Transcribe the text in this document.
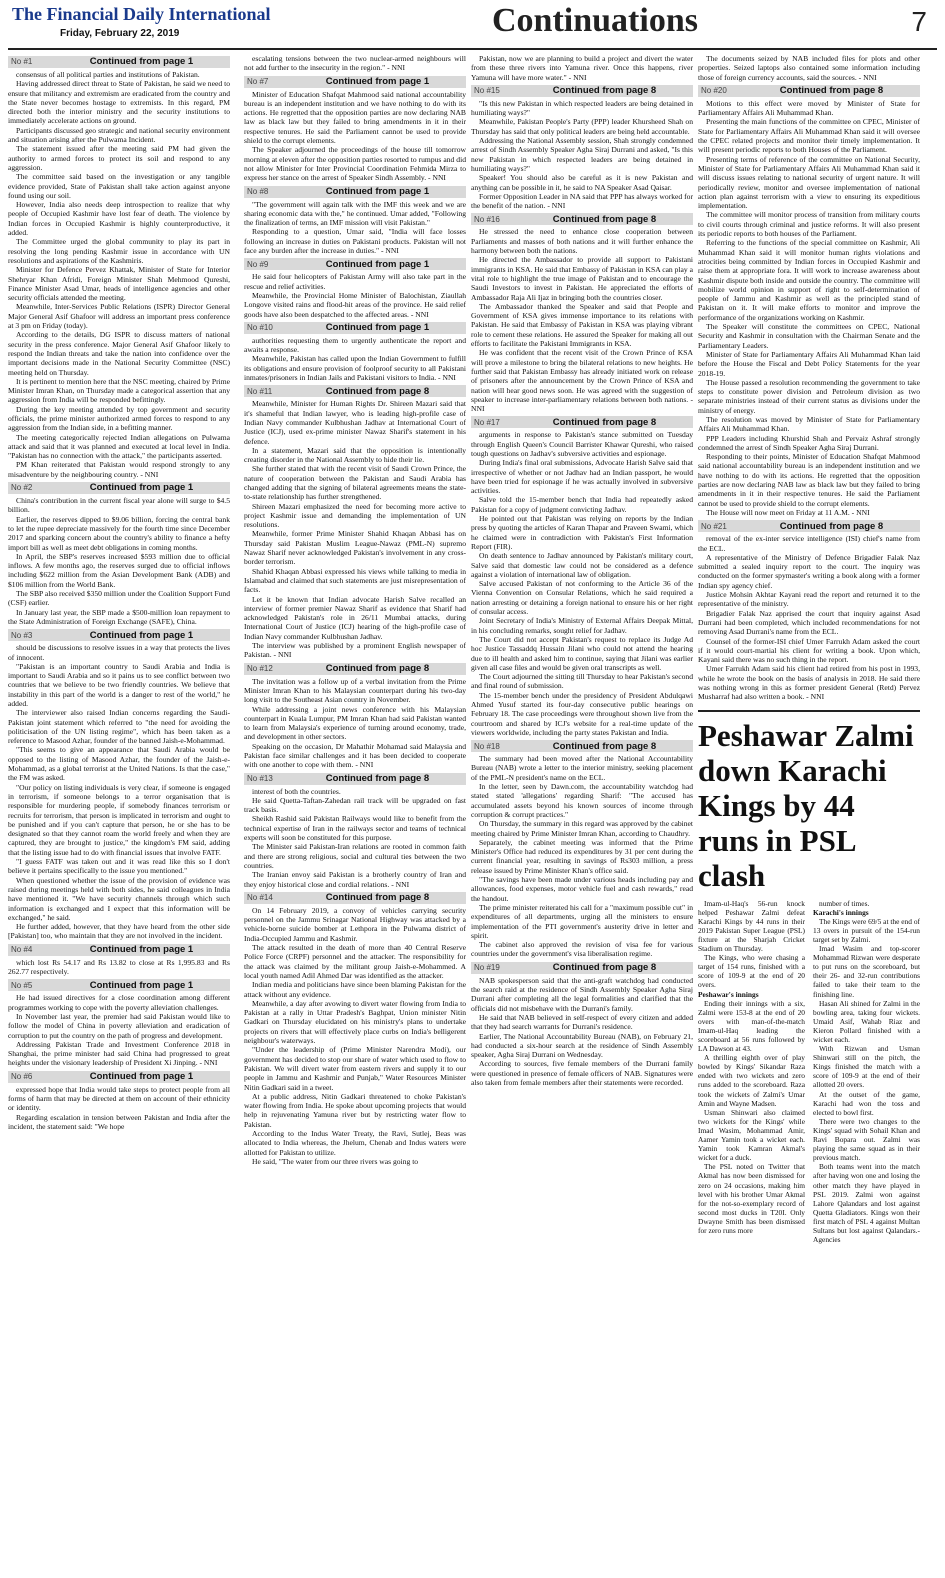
The Financial Daily International
Friday, February 22, 2019	Continuations	7
No #1	Continued from page 1

consensus of all political parties and institutions of Pakistan.

Having addressed direct threat to State of Pakistan, he said we need to ensure that militancy and extremism are eradicated from the country and the State never becomes hostage to extremists. In this regard, PM directed both the interior ministry and the security institutions to immediately accelerate actions on ground.

Participants discussed geo strategic and national security environment and situation arising after the Pulwama Incident.

The statement issued after the meeting said PM had given the authority to armed forces to protect its soil and respond to any aggression.

The committee said based on the investigation or any tangible evidence provided, State of Pakistan shall take action against anyone found using our soil.

However, India also needs deep introspection to realize that why people of Occupied Kashmir have lost fear of death. The violence by Indian forces in Occupied Kashmir is highly counterproductive, it added.

The Committee urged the global community to play its part in resolving the long pending Kashmir issue in accordance with UN resolutions and aspirations of the Kashmiris.

Minister for Defence Pervez Khattak, Minister of State for Interior Shehryar Khan Afridi, Foreign Minister Shah Mehmood Qureshi, Finance Minister Asad Umar, heads of intelligence agencies and other security officials attended the meeting.

Meanwhile, Inter-Services Public Relations (ISPR) Director General Major General Asif Ghafoor will address an important press conference at 3 pm on Friday (today).

According to the details, DG ISPR to discuss matters of national security in the press conference. Major General Asif Ghafoor likely to respond the Indian threats and take the nation into confidence over the important decisions made in the National Security Committee (NSC) meeting held on Thursday.

It is pertinent to mention here that the NSC meeting, chaired by Prime Minister Imran Khan, on Thursday made a categorical assertion that any aggression from India will be responded befittingly.

During the key meeting attended by top government and security officials, the prime minister authorized armed forces to respond to any aggression from the Indian side, in a befitting manner.

The meeting categorically rejected Indian allegations on Pulwama attack and said that it was planned and executed at local level in India. "Pakistan has no connection with the attack," the participants asserted.

PM Khan reiterated that Pakistan would respond strongly to any misadventure by the neighbouring country. - NNI

No #2	Continued from page 1

China's contribution in the current fiscal year alone will surge to $4.5 billion.

Earlier, the reserves dipped to $9.06 billion, forcing the central bank to let the rupee depreciate massively for the fourth time since December 2017 and sparking concern about the country's ability to finance a hefty import bill as well as meet debt obligations in coming months.

In April, the SBP's reserves increased $593 million due to official inflows. A few months ago, the reserves surged due to official inflows including $622 million from the Asian Development Bank (ADB) and $106 million from the World Bank.

The SBP also received $350 million under the Coalition Support Fund (CSF) earlier.

In January last year, the SBP made a $500-million loan repayment to the State Administration of Foreign Exchange (SAFE), China.

No #3	Continued from page 1

should be discussions to resolve issues in a way that protects the lives of innocent.

"Pakistan is an important country to Saudi Arabia and India is important to Saudi Arabia and so it pains us to see conflict between two countries that we believe to be two friendly countries. We believe that instability in this part of the world is a danger to rest of the world," he added.

The interviewer also raised Indian concerns regarding the Saudi-Pakistan joint statement which referred to "the need for avoiding the politicisation of the UN listing regime", which has been taken as a reference to Masood Azhar, founder of the banned Jaish-e-Mohammad.

"This seems to give an appearance that Saudi Arabia would be opposed to the listing of Masood Azhar, the founder of the Jaish-e-Mohammad, as a global terrorist at the United Nations. Is that the case," the FM was asked.

"Our policy on listing individuals is very clear, if someone is engaged in terrorism, if someone belongs to a terror organisation that is responsible for murdering people, if somebody finances terrorism or recruits for terrorism, that person is implicated in terrorism and ought to be punished and if you can't capture that person, he or she has to be designated so that they cannot roam the world freely and when they are captured, they are brought to justice," the kingdom's FM said, adding that the listing issue had to do with financial issues that involve FATF.

"I guess FATF was taken out and it was read like this so I don't believe it pertains specifically to the issue you mentioned."

When questioned whether the issue of the provision of evidence was raised during meetings held with both sides, he said colleagues in India have mentioned it. "We have security channels through which such information is exchanged and I expect that this information will be exchanged," he said.

He further added, however, that they have heard from the other side [Pakistan] too, who maintain that they are not involved in the incident.

No #4	Continued from page 1

which lost Rs 54.17 and Rs 13.82 to close at Rs 1,995.83 and Rs 262.77 respectively.

No #5	Continued from page 1

He had issued directives for a close coordination among different programmes working to cope with the poverty alleviation challenges.

In November last year, the premier had said Pakistan would like to follow the model of China in poverty alleviation and eradication of corruption to put the country on the path of progress and development.

Addressing Pakistan Trade and Investment Conference 2018 in Shanghai, the prime minister had said China had progressed to great heights under the visionary leadership of President Xi Jinping. - NNI

No #6	Continued from page 1

expressed hope that India would take steps to protect people from all forms of harm that may be directed at them on account of their ethnicity or identity.

Regarding escalation in tension between Pakistan and India after the incident, the statement said: "We hope

escalating tensions between the two nuclear-armed neighbours will not add further to the insecurity in the region." - NNI

No #7	Continued from page 1

Minister of Education Shafqat Mahmood said national accountability bureau is an independent institution and we have nothing to do with its actions. He regretted that the opposition parties are now declaring NAB law as black law but they failed to bring amendments in it in their respective tenures. He said the Parliament cannot be used to provide shield to the corrupt elements.

The Speaker adjourned the proceedings of the house till tomorrow morning at eleven after the opposition parties resorted to rumpus and did not allow Minister for Inter Provincial Coordination Fehmida Mirza to express her stance on the arrest of Speaker Sindh Assembly. - NNI

No #8	Continued from page 1

"The government will again talk with the IMF this week and we are sharing economic data with the," he continued. Umar added, "Following the finalization of terms, an IMF mission will visit Pakistan."

Responding to a question, Umar said, "India will face losses following an increase in duties on Pakistani products. Pakistan will not face any burden after the increase in duties." - NNI

No #9	Continued from page 1

He said four helicopters of Pakistan Army will also take part in the rescue and relief activities.

Meanwhile, the Provincial Home Minister of Balochistan, Ziaullah Longove visited rains and flood-hit areas of the province. He said relief goods have also been despatched to the affected areas. - NNI

No #10	Continued from page 1

authorities requesting them to urgently authenticate the report and awaits a response.

Meanwhile, Pakistan has called upon the Indian Government to fulfill its obligations and ensure provision of foolproof security to all Pakistani inmates/prisoners in Indian Jails and Pakistani visitors to India. - NNI

No #11	Continued from page 8

Meanwhile, Minister for Human Rights Dr. Shireen Mazari said that it's shameful that Indian lawyer, who is leading high-profile case of Indian Navy commander Kulbhushan Jadhav at International Court of Justice (ICJ), used ex-prime minister Nawaz Sharif's statement in his defence.

In a statement, Mazari said that the opposition is intentionally creating disorder in the National Assembly to hide their lie.

She further stated that with the recent visit of Saudi Crown Prince, the nature of cooperation between the Pakistan and Saudi Arabia has changed adding that the signing of bilateral agreements means the state-to-state relationship has further strengthened.

Shireen Mazari emphasized the need for becoming more active to project Kashmir issue and demanding the implementation of UN resolutions.

Meanwhile, former Prime Minister Shahid Khaqan Abbasi has on Thursday said Pakistan Muslim League-Nawaz (PML-N) supremo Nawaz Sharif never acknowledged Pakistan's involvement in any cross-border terrorism.

Shahid Khaqan Abbasi expressed his views while talking to media in Islamabad and claimed that such statements are just misrepresentation of facts.

Let it be known that Indian advocate Harish Salve recalled an interview of former premier Nawaz Sharif as evidence that Sharif had acknowledged Pakistan's role in 26/11 Mumbai attacks, during International Court of Justice (ICJ) hearing of the high-profile case of Indian Navy commander Kulbhushan Jadhav.

The interview was published by a prominent English newspaper of Pakistan. - NNI

No #12	Continued from page 8

The invitation was a follow up of a verbal invitation from the Prime Minister Imran Khan to his Malaysian counterpart during his two-day long visit to the Southeast Asian country in November.

While addressing a joint news conference with his Malaysian counterpart in Kuala Lumpur, PM Imran Khan had said Pakistan wanted to learn from Malaysia's experience of turning around economy, trade, and development in other sectors.

Speaking on the occasion, Dr Mahathir Mohamad said Malaysia and Pakistan face similar challenges and it has been decided to cooperate with one another to cope with them. - NNI

No #13	Continued from page 8

interest of both the countries.

He said Quetta-Taftan-Zahedan rail track will be upgraded on fast track basis.

Sheikh Rashid said Pakistan Railways would like to benefit from the technical expertise of Iran in the railways sector and teams of technical experts will soon be constituted for this purpose.

The Minister said Pakistan-Iran relations are rooted in common faith and there are strong religious, social and cultural ties between the two countries.

The Iranian envoy said Pakistan is a brotherly country of Iran and they enjoy historical close and cordial relations. - NNI

No #14	Continued from page 8

On 14 February 2019, a convoy of vehicles carrying security personnel on the Jammu Srinagar National Highway was attacked by a vehicle-borne suicide bomber at Lethpora in the Pulwama district of India-Occupied Jammu and Kashmir.

The attack resulted in the death of more than 40 Central Reserve Police Force (CRPF) personnel and the attacker. The responsibility for the attack was claimed by the militant group Jaish-e-Mohammed. A local youth named Adil Ahmed Dar was identified as the attacker.

Indian media and politicians have since been blaming Pakistan for the attack without any evidence.

Meanwhile, a day after avowing to divert water flowing from India to Pakistan at a rally in Uttar Pradesh's Baghpat, Union minister Nitin Gadkari on Thursday elucidated on his ministry's plans to undertake projects on rivers that will effectively place curbs on India's belligerent neighbour's waterways.

"Under the leadership of (Prime Minister Narendra Modi), our government has decided to stop our share of water which used to flow to Pakistan. We will divert water from eastern rivers and supply it to our people in Jammu and Kashmir and Punjab," Water Resources Minister Nitin Gadkari said in a tweet.

At a public address, Nitin Gadkari threatened to choke Pakistan's water flowing from India. He spoke about upcoming projects that would help in rejuvenating Yamuna river but by restricting water flow to Pakistan.

According to the Indus Water Treaty, the Ravi, Sutlej, Beas was allocated to India whereas, the Jhelum, Chenab and Indus waters were allotted for Pakistan to utilize.

He said, "The water from our three rivers was going to

Pakistan, now we are planning to build a project and divert the water from these three rivers into Yamuna river. Once this happens, river Yamuna will have more water." - NNI

No #15	Continued from page 8

"Is this new Pakistan in which respected leaders are being detained in humiliating ways?"

Meanwhile, Pakistan People's Party (PPP) leader Khursheed Shah on Thursday has said that only political leaders are being held accountable.

Addressing the National Assembly session, Shah strongly condemned arrest of Sindh Assembly Speaker Agha Siraj Durrani and asked, "Is this new Pakistan in which respected leaders are being detained in humiliating ways?"

Speaker! You should also be careful as it is new Pakistan and anything can be possible in it, he said to NA Speaker Asad Qaisar.

Former Opposition Leader in NA said that PPP has always worked for the benefit of the nation. - NNI

No #16	Continued from page 8

He stressed the need to enhance close cooperation between Parliaments and masses of both nations and it will further enhance the harmony between both the nations.

He directed the Ambassador to provide all support to Pakistani immigrants in KSA. He said that Embassy of Pakistan in KSA can play a vital role to highlight the true image of Pakistan and to encourage the Saudi Investors to invest in Pakistan. He appreciated the efforts of Ambassador Raja Ali Ijaz in bringing both the countries closer.

The Ambassador thanked the Speaker and said that People and Government of KSA gives immense importance to its relations with Pakistan. He said that Embassy of Pakistan in KSA was playing vibrant role to cement these relations. He assured the Speaker for making all out efforts to facilitate the Pakistani Immigrants in KSA.

He was confident that the recent visit of the Crown Prince of KSA will prove a milestone to bring the bilateral relations to new heights. He further said that Pakistan Embassy has already initiated work on release of prisoners after the announcement by the Crown Prince of KSA and nation will hear good news soon. He was agreed with the suggestion of speaker to increase inter-parliamentary relations between both nations. - NNI

No #17	Continued from page 8

arguments in response to Pakistan's stance submitted on Tuesday through English Queen's Council Barrister Khawar Qureshi, who raised tough questions on Jadhav's subversive activities and espionage.

During India's final oral submissions, Advocate Harish Salve said that irrespective of whether or not Jadhav had an Indian passport, he would have been tried for espionage if he was actually involved in subversive activities.

Salve told the 15-member bench that India had repeatedly asked Pakistan for a copy of judgment convicting Jadhav.

He pointed out that Pakistan was relying on reports by the Indian press by quoting the articles of Karan Thapar and Praveen Swami, which he claimed were in contradiction with Pakistan's First Information Report (FIR).

On death sentence to Jadhav announced by Pakistan's military court, Salve said that domestic law could not be considered as a defence against a violation of international law of obligation.

Salve accused Pakistan of not conforming to the Article 36 of the Vienna Convention on Consular Relations, which he said required a nation arresting or detaining a foreign national to ensure his or her right of consular access.

Joint Secretary of India's Ministry of External Affairs Deepak Mittal, in his concluding remarks, sought relief for Jadhav.

The Court did not accept Pakistan's request to replace its Judge Ad hoc Justice Tassaddq Hussain Jilani who could not attend the hearing due to ill health and asked him to continue, saying that Jilani was earlier given all case files and would be given oral transcripts as well.

The Court adjourned the sitting till Thursday to hear Pakistan's second and final round of submission.

The 15-member bench under the presidency of President Abdulqawi Ahmed Yusuf started its four-day consecutive public hearings on February 18. The case proceedings were throughout shown live from the courtroom and shared by ICJ's website for a real-time update of the viewers worldwide, including the party states Pakistan and India.

No #18	Continued from page 8

The summary had been moved after the National Accountability Bureau (NAB) wrote a letter to the interior ministry, seeking placement of the PML-N president's name on the ECL.

In the letter, seen by Dawn.com, the accountability watchdog had stated stated 'allegations' regarding Sharif: "The accused has accumulated assets beyond his known sources of income through corruption & corrupt practices."

On Thursday, the summary in this regard was approved by the cabinet meeting chaired by Prime Minister Imran Khan, according to Chaudhry.

Separately, the cabinet meeting was informed that the Prime Minister's Office had reduced its expenditures by 31 per cent during the current financial year, resulting in savings of Rs303 million, a press release issued by Prime Minister Khan's office said.

"The savings have been made under various heads including pay and allowances, food expenses, motor vehicle fuel and cash rewards," read the handout.

The prime minister reiterated his call for a "maximum possible cut" in expenditures of all departments, urging all the ministers to ensure implementation of the PTI government's austerity drive in letter and spirit.

The cabinet also approved the revision of visa fee for various countries under the government's visa liberalisation regime.

No #19	Continued from page 8

NAB spokesperson said that the anti-graft watchdog had conducted the search raid at the residence of Sindh Assembly Speaker Agha Siraj Durrani after completing all the legal formalities and clarified that the officials did not misbehave with the Durrani's family.

He said that NAB believed in self-respect of every citizen and added that they had search warrants for Durrani's residence.

Earlier, The National Accountability Bureau (NAB), on February 21, had conducted a six-hour search at the residence of Sindh Assembly speaker, Agha Siraj Durrani on Wednesday.

According to sources, five female members of the Durrani family were questioned in presence of female officers of NAB. Signatures were also taken from female members after their statements were recorded.

The documents seized by NAB included files for plots and other properties. Seized laptops also contained some information including those of foreign currency accounts, said the sources. - NNI

No #20	Continued from page 8

Motions to this effect were moved by Minister of State for Parliamentary Affairs Ali Muhammad Khan.

Presenting the main functions of the committee on CPEC, Minister of State for Parliamentary Affairs Ali Muhammad Khan said it will oversee the CPEC related projects and monitor their timely implementation. It will present periodic reports to both Houses of the Parliament.

Presenting terms of reference of the committee on National Security, Minister of State for Parliamentary Affairs Ali Muhammad Khan said it will discuss issues relating to national security of urgent nature. It will periodically review, monitor and oversee implementation of national action plan against terrorism with a view to ensuring its expeditious implementation.

The committee will monitor process of transition from military courts to civil courts through criminal and justice reforms. It will also present its periodic reports to both houses of the Parliament.

Referring to the functions of the special committee on Kashmir, Ali Muhammad Khan said it will monitor human rights violations and atrocities being committed by Indian forces in Occupied Kashmir and raise them at appropriate fora. It will work to increase awareness about Kashmir dispute both inside and outside the country. The committee will mobilize world opinion in support of right to self-determination of people of Jammu and Kashmir as well as the principled stand of Pakistan on it. It will make efforts to monitor and improve the performance of the organizations working on Kashmir.

The Speaker will constitute the committees on CPEC, National Security and Kashmir in consultation with the Chairman Senate and the Parliamentary Leaders.

Minister of State for Parliamentary Affairs Ali Muhammad Khan laid before the House the Fiscal and Debt Policy Statements for the year 2018-19.

The House passed a resolution recommending the government to take steps to constitute power division and Petroleum division as two separate ministries instead of their current status as divisions under the ministry of energy.

The resolution was moved by Minister of State for Parliamentary Affairs Ali Muhammad Khan.

PPP Leaders including Khurshid Shah and Pervaiz Ashraf strongly condemned the arrest of Sindh Speaker Agha Siraj Durrani.

Responding to their points, Minister of Education Shafqat Mahmood said national accountability bureau is an independent institution and we have nothing to do with its actions. He regretted that the opposition parties are now declaring NAB law as black law but they failed to bring amendments in it in their respective tenures. He said the Parliament cannot be used to provide shield to the corrupt elements.

The House will now meet on Friday at 11 A.M. - NNI

No #21	Continued from page 8

removal of the ex-inter service intelligence (ISI) chief's name from the ECL.

A representative of the Ministry of Defence Brigadier Falak Naz submitted a sealed inquiry report to the court. The inquiry was conducted on the former spymaster's writing a book along with a former Indian spy agency chief.

Justice Mohsin Akhtar Kayani read the report and returned it to the representative of the ministry.

Brigadier Falak Naz apprised the court that inquiry against Asad Durrani had been completed, which included recommendations for not removing Asad Durrani's name from the ECL.

Counsel of the former-ISI chief Umer Farrukh Adam asked the court if it would court-martial his client for writing a book. Upon which, Kayani said there was no such thing in the report.

Umer Farrukh Adam said his client had retired from his post in 1993, while he wrote the book on the basis of analysis in 2018. He said there was nothing wrong in this as former president General (Retd) Pervez Musharraf had also written a book. - NNI

Peshawar Zalmi down Karachi Kings by 44 runs in PSL clash

Imam-ul-Haq's 56-run knock helped Peshawar Zalmi defeat Karachi Kings by 44 runs in their 2019 Pakistan Super League (PSL) fixture at the Sharjah Cricket Stadium on Thursday.

The Kings, who were chasing a target of 154 runs, finished with a score of 109-9 at the end of 20 overs.

Peshawar's innings

Ending their innings with a six, Zalmi were 153-8 at the end of 20 overs with man-of-the-match Imam-ul-Haq leading the scoreboard at 56 runs followed by LA Dawson at 43.

A thrilling eighth over of play bowled by Kings' Sikandar Raza ended with two wickets and zero runs added to the scoreboard. Raza took the wickets of Zalmi's Umar Amin and Wayne Madsen.

Usman Shinwari also claimed two wickets for the Kings' while Imad Wasim, Mohammad Amir, Aamer Yamin took a wicket each. Yamin took Kamran Akmal's wicket for a duck.

The PSL noted on Twitter that Akmal has now been dismissed for zero on 24 occasions, making him level with his brother Umar Akmal for the not-so-exemplary record of second most ducks in T20I. Only Dwayne Smith has been dismissed for zero runs more

number of times.

Karachi's innings

The Kings were 69/5 at the end of 13 overs in pursuit of the 154-run target set by Zalmi.

Imad Wasim and top-scorer Mohammad Rizwan were desperate to put runs on the scoreboard, but their 26- and 32-run contributions failed to take their team to the finishing line.

Hasan Ali shined for Zalmi in the bowling area, taking four wickets. Umaid Asif, Wahab Riaz and Kieron Pollard finished with a wicket each.

With Rizwan and Usman Shinwari still on the pitch, the Kings finished the match with a score of 109-9 at the end of their allotted 20 overs.

At the outset of the game, Karachi had won the toss and elected to bowl first.

There were two changes to the Kings' squad with Sohail Khan and Ravi Bopara out. Zalmi was playing the same squad as in their previous match.

Both teams went into the match after having won one and losing the other match they have played in PSL 2019. Zalmi won against Lahore Qalandars and lost against Quetta Gladiators. Kings won their first match of PSL 4 against Multan Sultans but lost against Qalandars.-Agencies
